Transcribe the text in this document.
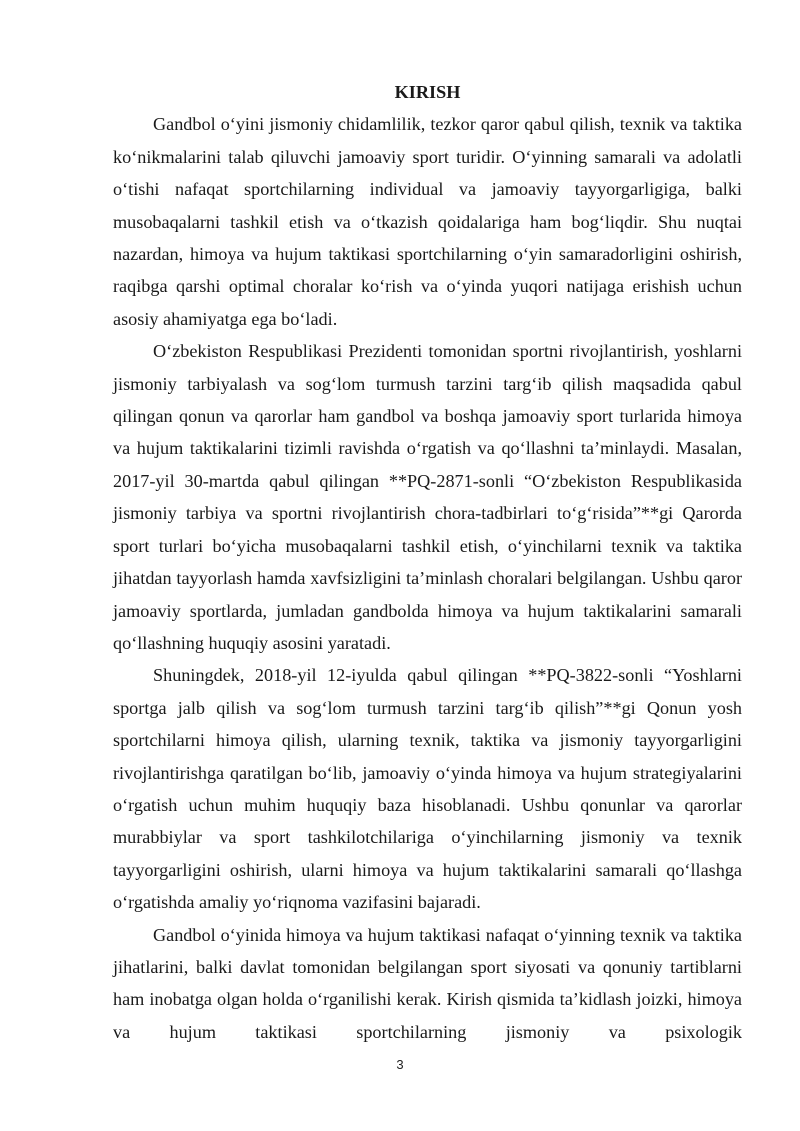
KIRISH

Gandbol oʻyini jismoniy chidamlilik, tezkor qaror qabul qilish, texnik va taktika koʻnikmalarini talab qiluvchi jamoaviy sport turidir. Oʻyinning samarali va adolatli oʻtishi nafaqat sportchilarning individual va jamoaviy tayyorgarligiga, balki musobaqalarni tashkil etish va oʻtkazish qoidalariga ham bogʻliqdir. Shu nuqtai nazardan, himoya va hujum taktikasi sportchilarning oʻyin samaradorligini oshirish, raqibga qarshi optimal choralar koʻrish va oʻyinda yuqori natijaga erishish uchun asosiy ahamiyatga ega boʻladi.

Oʻzbekiston Respublikasi Prezidenti tomonidan sportni rivojlantirish, yoshlarni jismoniy tarbiyalash va sogʻlom turmush tarzini targʻib qilish maqsadida qabul qilingan qonun va qarorlar ham gandbol va boshqa jamoaviy sport turlarida himoya va hujum taktikalarini tizimli ravishda oʻrgatish va qoʻllashni taʼminlaydi. Masalan, 2017-yil 30-martda qabul qilingan **PQ-2871-sonli “Oʻzbekiston Respublikasida jismoniy tarbiya va sportni rivojlantirish chora-tadbirlari toʻgʻrisida”**gi Qarorda sport turlari boʻyicha musobaqalarni tashkil etish, oʻyinchilarni texnik va taktika jihatdan tayyorlash hamda xavfsizligini taʼminlash choralari belgilangan. Ushbu qaror jamoaviy sportlarda, jumladan gandbolda himoya va hujum taktikalarini samarali qoʻllashning huquqiy asosini yaratadi.

Shuningdek, 2018-yil 12-iyulda qabul qilingan **PQ-3822-sonli “Yoshlarni sportga jalb qilish va sogʻlom turmush tarzini targʻib qilish”**gi Qonun yosh sportchilarni himoya qilish, ularning texnik, taktika va jismoniy tayyorgarligini rivojlantirishga qaratilgan boʻlib, jamoaviy oʻyinda himoya va hujum strategiyalarini oʻrgatish uchun muhim huquqiy baza hisoblanadi. Ushbu qonunlar va qarorlar murabbiylar va sport tashkilotchilariga oʻyinchilarning jismoniy va texnik tayyorgarligini oshirish, ularni himoya va hujum taktikalarini samarali qoʻllashga oʻrgatishda amaliy yoʻriqnoma vazifasini bajaradi.

Gandbol oʻyinida himoya va hujum taktikasi nafaqat oʻyinning texnik va taktika jihatlarini, balki davlat tomonidan belgilangan sport siyosati va qonuniy tartiblarni ham inobatga olgan holda oʻrganilishi kerak. Kirish qismida taʼkidlash joizki, himoya va hujum taktikasi sportchilarning jismoniy va psixologik

3
